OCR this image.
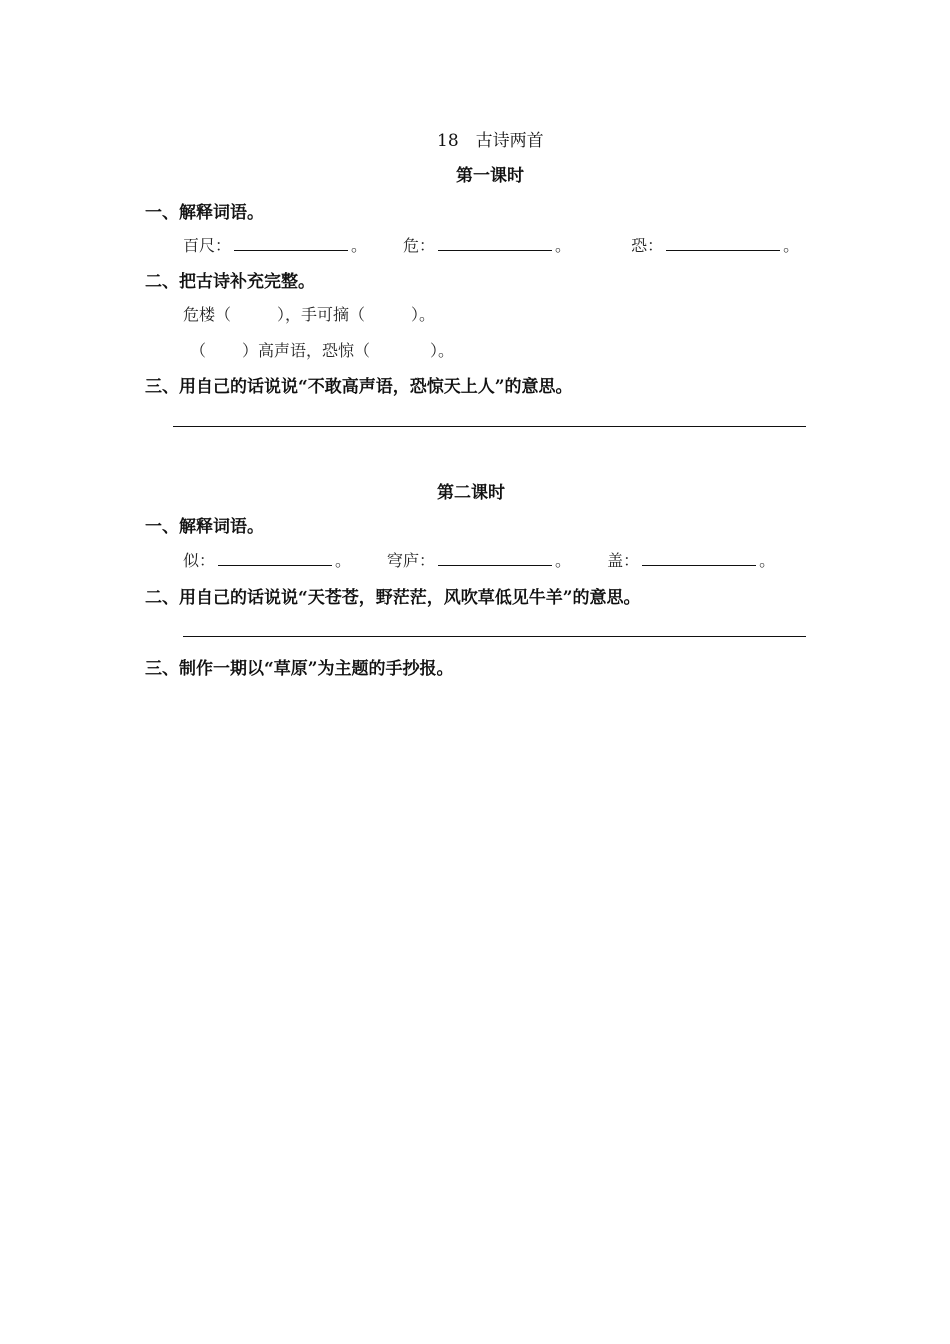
18　古诗两首
第一课时
一、解释词语。
百尺：	。 危：	。	恐：	。
二、把古诗补充完整。
危楼（	），手可摘（	）。
（ ）高声语，恐惊（	）。
三、用自己的话说说“不敢高声语，恐惊天上人”的意思。
第二课时
一、解释词语。
似：	。 穹庐：	。 盖：	。
二、用自己的话说说“天苍苍，野茫茫，风吹草低见牛羊”的意思。
三、制作一期以“草原”为主题的手抄报。
